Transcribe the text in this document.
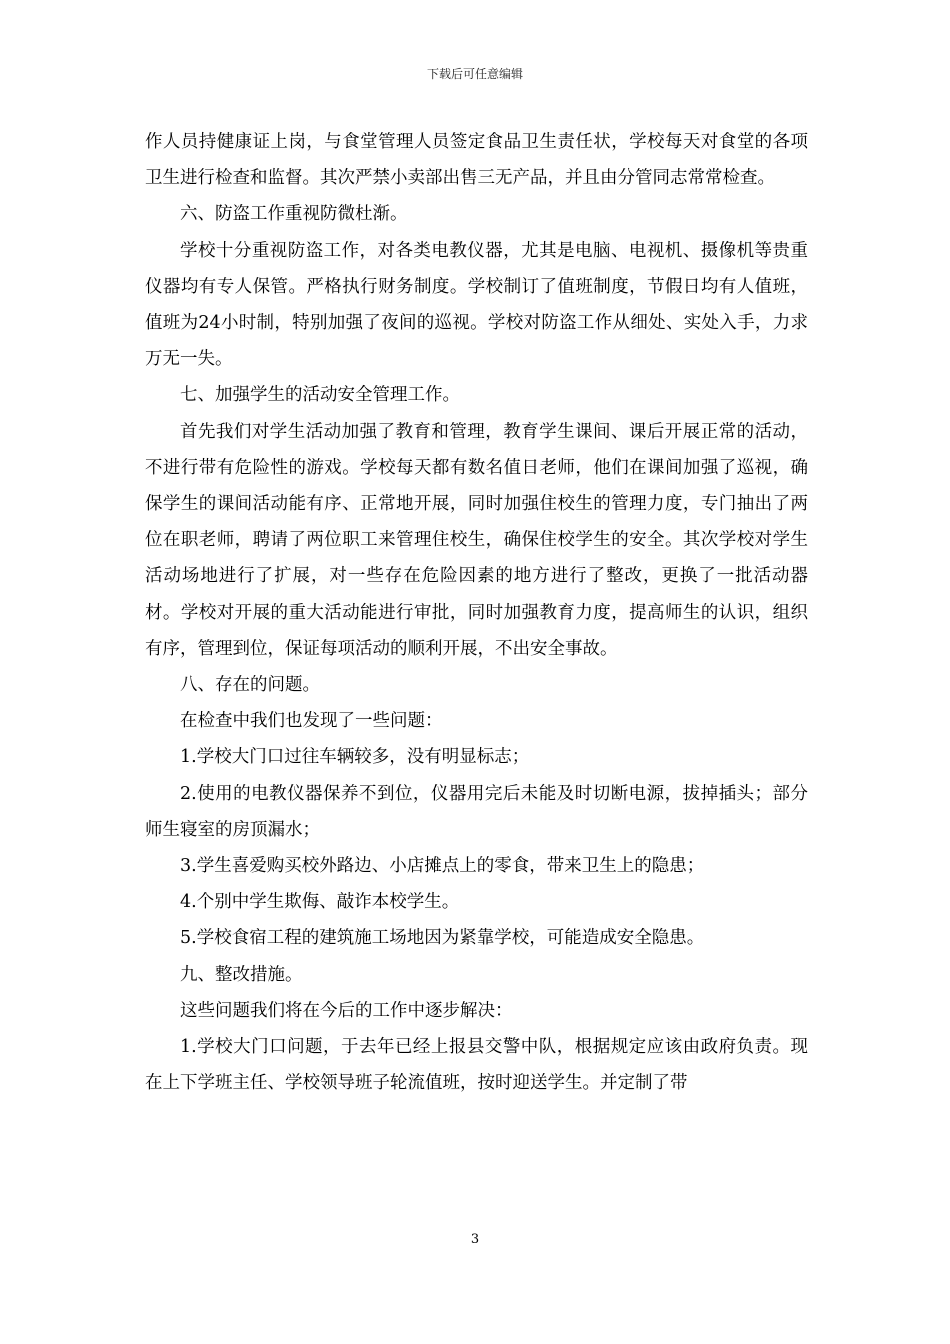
下载后可任意编辑

作人员持健康证上岗，与食堂管理人员签定食品卫生责任状，学校每天对食堂的各项卫生进行检查和监督。其次严禁小卖部出售三无产品，并且由分管同志常常检查。

六、防盗工作重视防微杜渐。

学校十分重视防盗工作，对各类电教仪器，尤其是电脑、电视机、摄像机等贵重仪器均有专人保管。严格执行财务制度。学校制订了值班制度，节假日均有人值班，值班为24小时制，特别加强了夜间的巡视。学校对防盗工作从细处、实处入手，力求万无一失。

七、加强学生的活动安全管理工作。

首先我们对学生活动加强了教育和管理，教育学生课间、课后开展正常的活动，不进行带有危险性的游戏。学校每天都有数名值日老师，他们在课间加强了巡视，确保学生的课间活动能有序、正常地开展，同时加强住校生的管理力度，专门抽出了两位在职老师，聘请了两位职工来管理住校生，确保住校学生的安全。其次学校对学生活动场地进行了扩展，对一些存在危险因素的地方进行了整改，更换了一批活动器材。学校对开展的重大活动能进行审批，同时加强教育力度，提高师生的认识，组织有序，管理到位，保证每项活动的顺利开展，不出安全事故。

八、存在的问题。

在检查中我们也发现了一些问题：

1.学校大门口过往车辆较多，没有明显标志；

2.使用的电教仪器保养不到位，仪器用完后未能及时切断电源，拔掉插头；部分师生寝室的房顶漏水；

3.学生喜爱购买校外路边、小店摊点上的零食，带来卫生上的隐患；

4.个别中学生欺侮、敲诈本校学生。

5.学校食宿工程的建筑施工场地因为紧靠学校，可能造成安全隐患。

九、整改措施。

这些问题我们将在今后的工作中逐步解决：

1.学校大门口问题，于去年已经上报县交警中队，根据规定应该由政府负责。现在上下学班主任、学校领导班子轮流值班，按时迎送学生。并定制了带

3
